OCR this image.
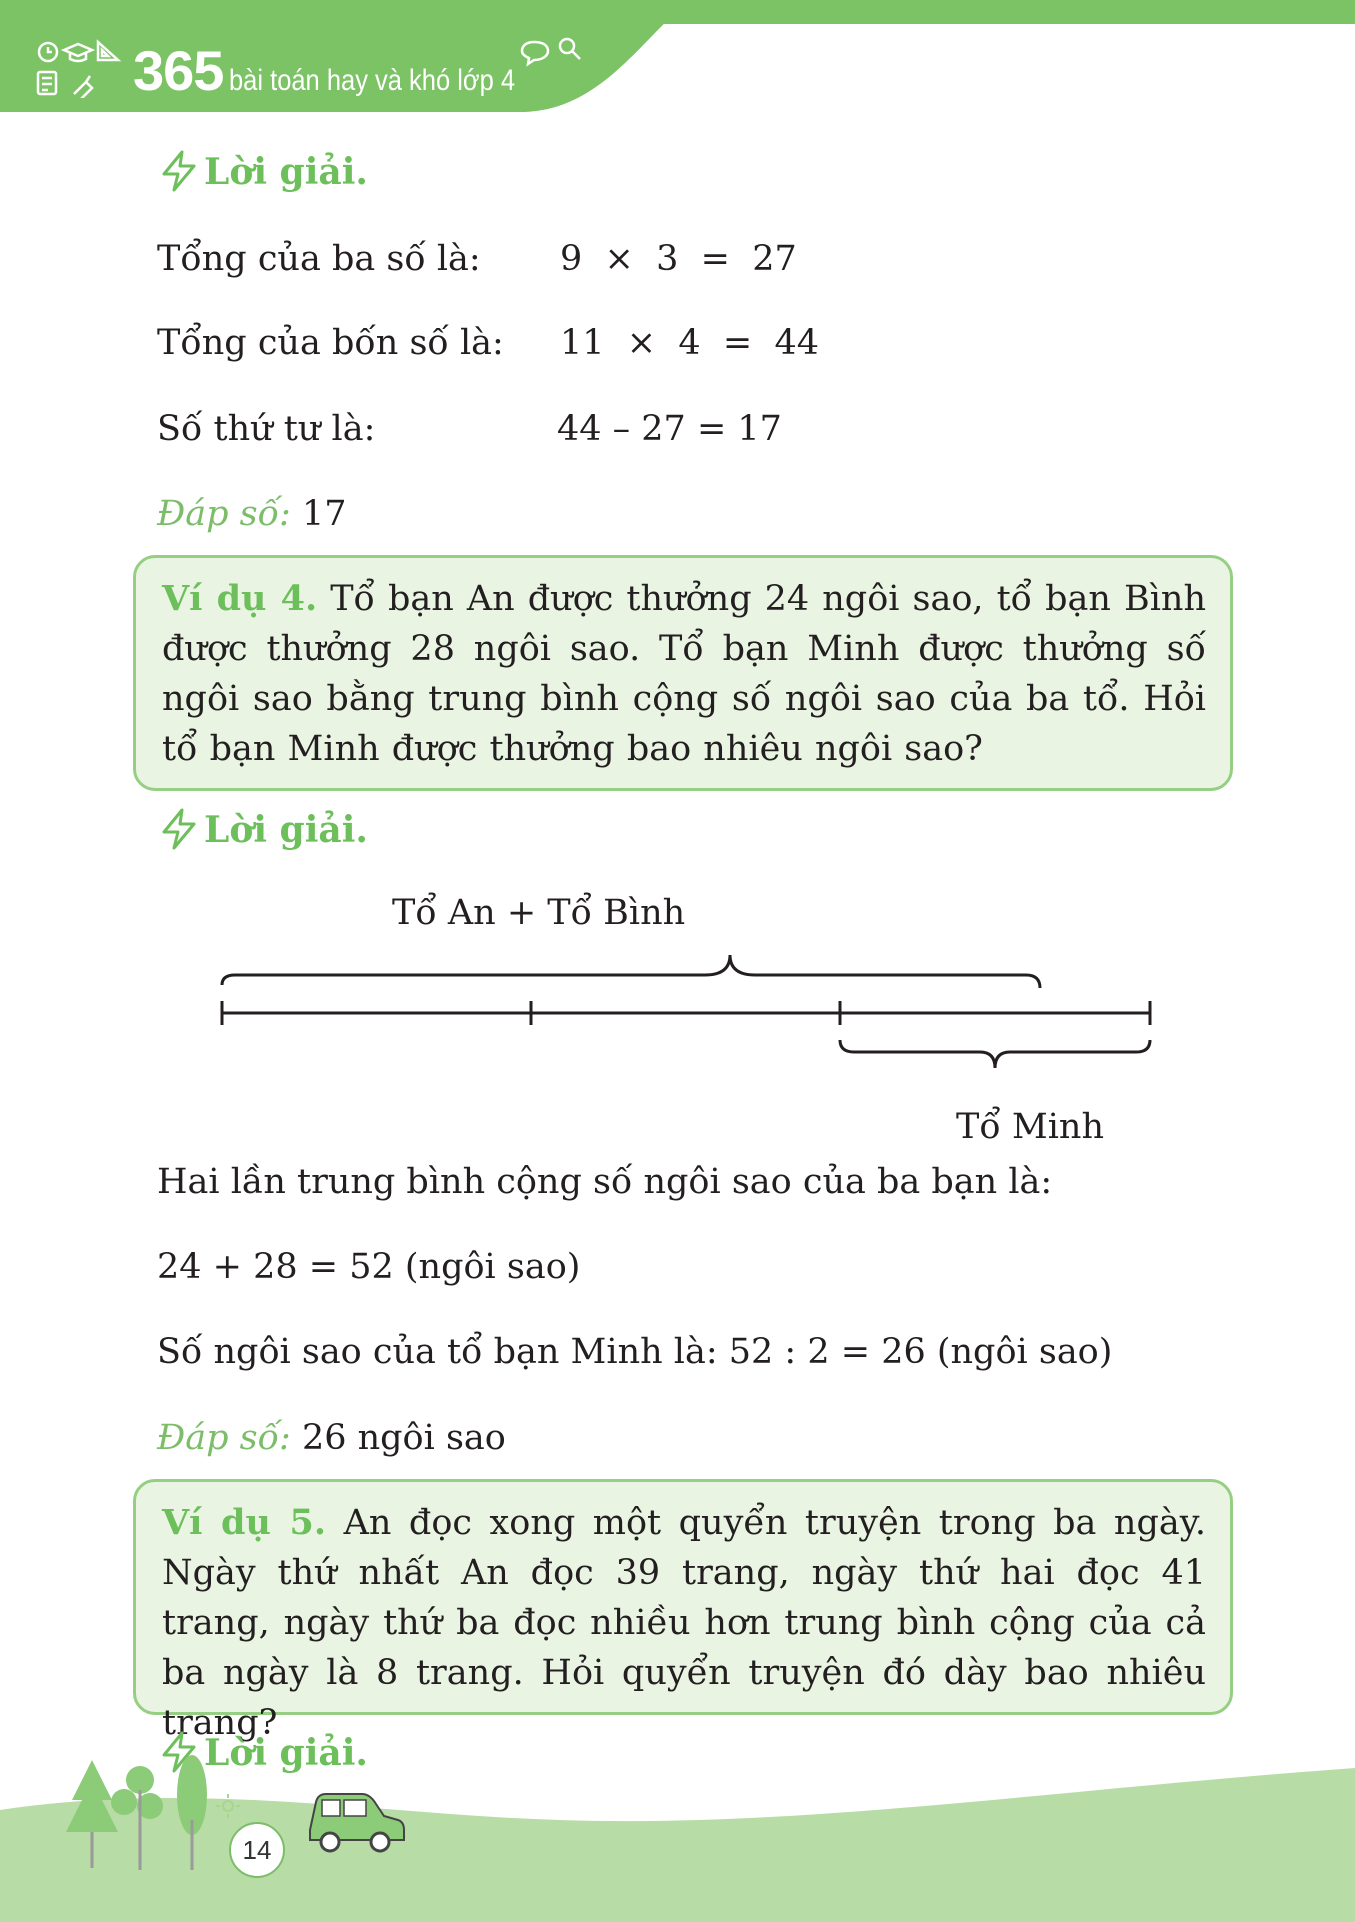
365 bài toán hay và khó lớp 4
Lời giải.
Tổng của ba số là: 9  ×  3  =  27
Tổng của bốn số là: 11  ×  4  =  44
Số thứ tư là:	44 – 27 = 17
Đáp số: 17
Ví dụ 4. Tổ bạn An được thưởng 24 ngôi sao, tổ bạn Bình được thưởng 28 ngôi sao. Tổ bạn Minh được thưởng số ngôi sao bằng trung bình cộng số ngôi sao của ba tổ. Hỏi tổ bạn Minh được thưởng bao nhiêu ngôi sao?
Lời giải.
Tổ An + Tổ Bình
Tổ Minh
Hai lần trung bình cộng số ngôi sao của ba bạn là:
24 + 28 = 52 (ngôi sao)
Số ngôi sao của tổ bạn Minh là: 52 : 2 = 26 (ngôi sao)
Đáp số: 26 ngôi sao
Ví dụ 5. An đọc xong một quyển truyện trong ba ngày. Ngày thứ nhất An đọc 39 trang, ngày thứ hai đọc 41 trang, ngày thứ ba đọc nhiều hơn trung bình cộng của cả ba ngày là 8 trang. Hỏi quyển truyện đó dày bao nhiêu trang?
Lời giải.
14
